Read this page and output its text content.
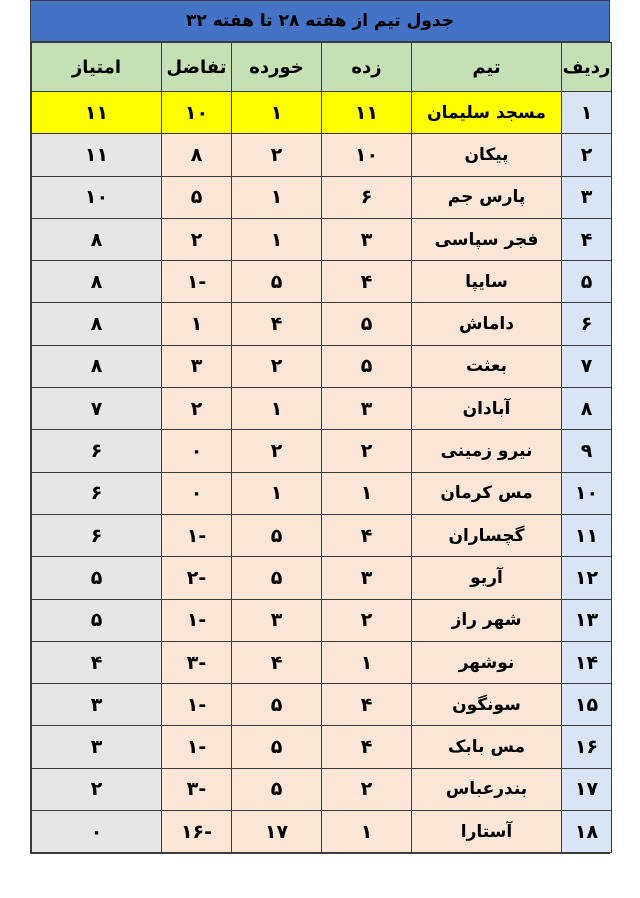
جدول تیم از هفته ۲۸ تا هفته ۳۲
ردیف	تیم	زده	خورده	تفاضل	امتیاز
۱	مسجد سلیمان	۱۱	۱	۱۰	۱۱
۲	پیکان	۱۰	۲	۸	۱۱
۳	پارس جم	۶	۱	۵	۱۰
۴	فجر سپاسی	۳	۱	۲	۸
۵	سایپا	۴	۵	-۱	۸
۶	داماش	۵	۴	۱	۸
۷	بعثت	۵	۲	۳	۸
۸	آبادان	۳	۱	۲	۷
۹	نیرو زمینی	۲	۲	۰	۶
۱۰	مس کرمان	۱	۱	۰	۶
۱۱	گچساران	۴	۵	-۱	۶
۱۲	آریو	۳	۵	-۲	۵
۱۳	شهر راز	۲	۳	-۱	۵
۱۴	نوشهر	۱	۴	-۳	۴
۱۵	سونگون	۴	۵	-۱	۳
۱۶	مس بابک	۴	۵	-۱	۳
۱۷	بندرعباس	۲	۵	-۳	۲
۱۸	آستارا	۱	۱۷	-۱۶	۰
